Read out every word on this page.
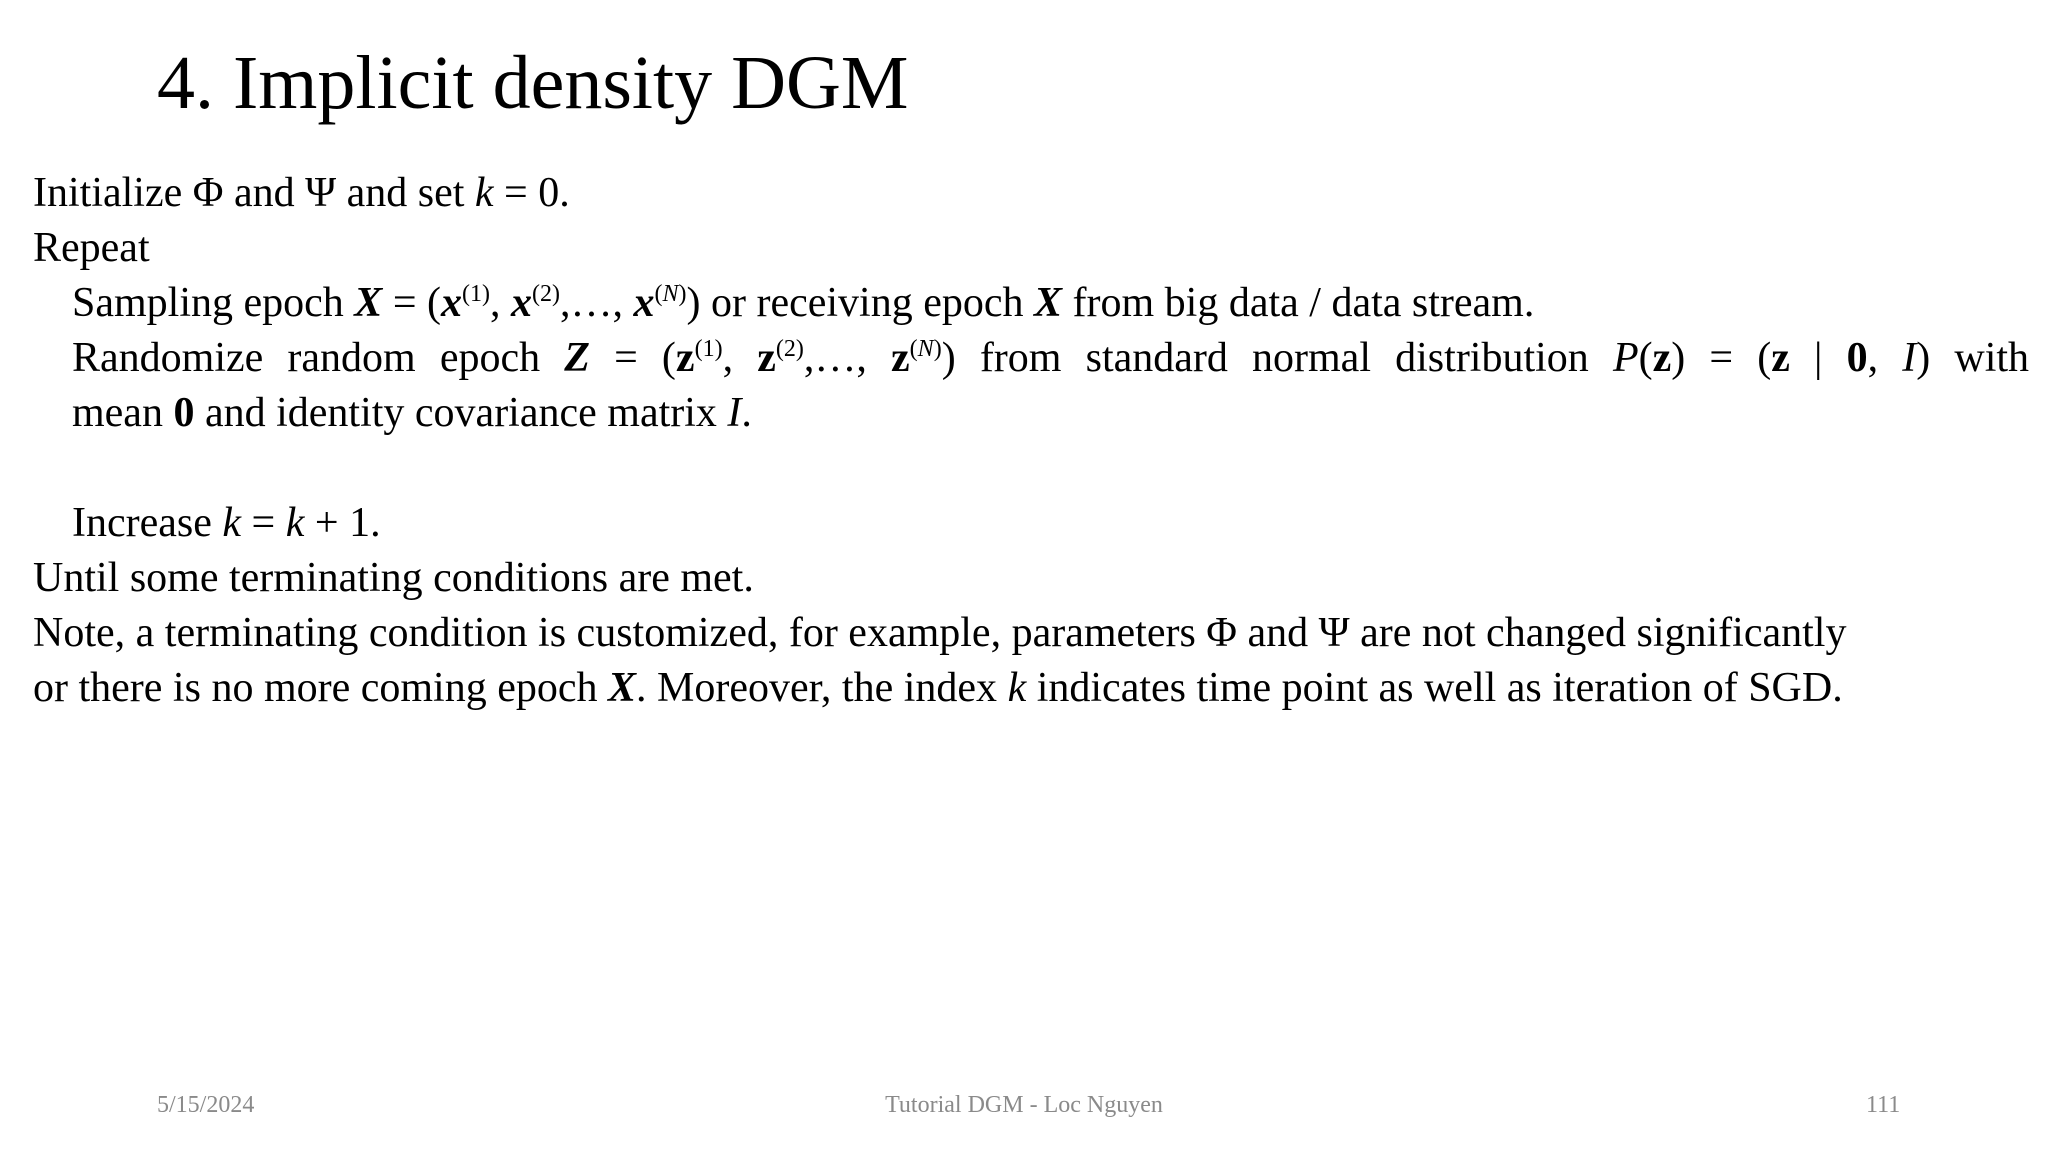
4. Implicit density DGM
Initialize Φ and Ψ and set k = 0.
Repeat
Sampling epoch $X = (x^{(1)}$, $x^{(2)},\dots$, $x^{(N)}$) or receiving epoch X from big data / data stream.
Randomize random epoch $Z = (z^{(1)}$, $z^{(2)},\dots$, $z^{(N)}$) from standard normal distribution P(z) = (z | 0, I) with
mean 0 and identity covariance matrix I.
Increase k = k + 1.
Until some terminating conditions are met.
Note, a terminating condition is customized, for example, parameters Φ and Ψ are not changed significantly
or there is no more coming epoch X. Moreover, the index k indicates time point as well as iteration of SGD.
5/15/2024	Tutorial DGM - Loc Nguyen	111
